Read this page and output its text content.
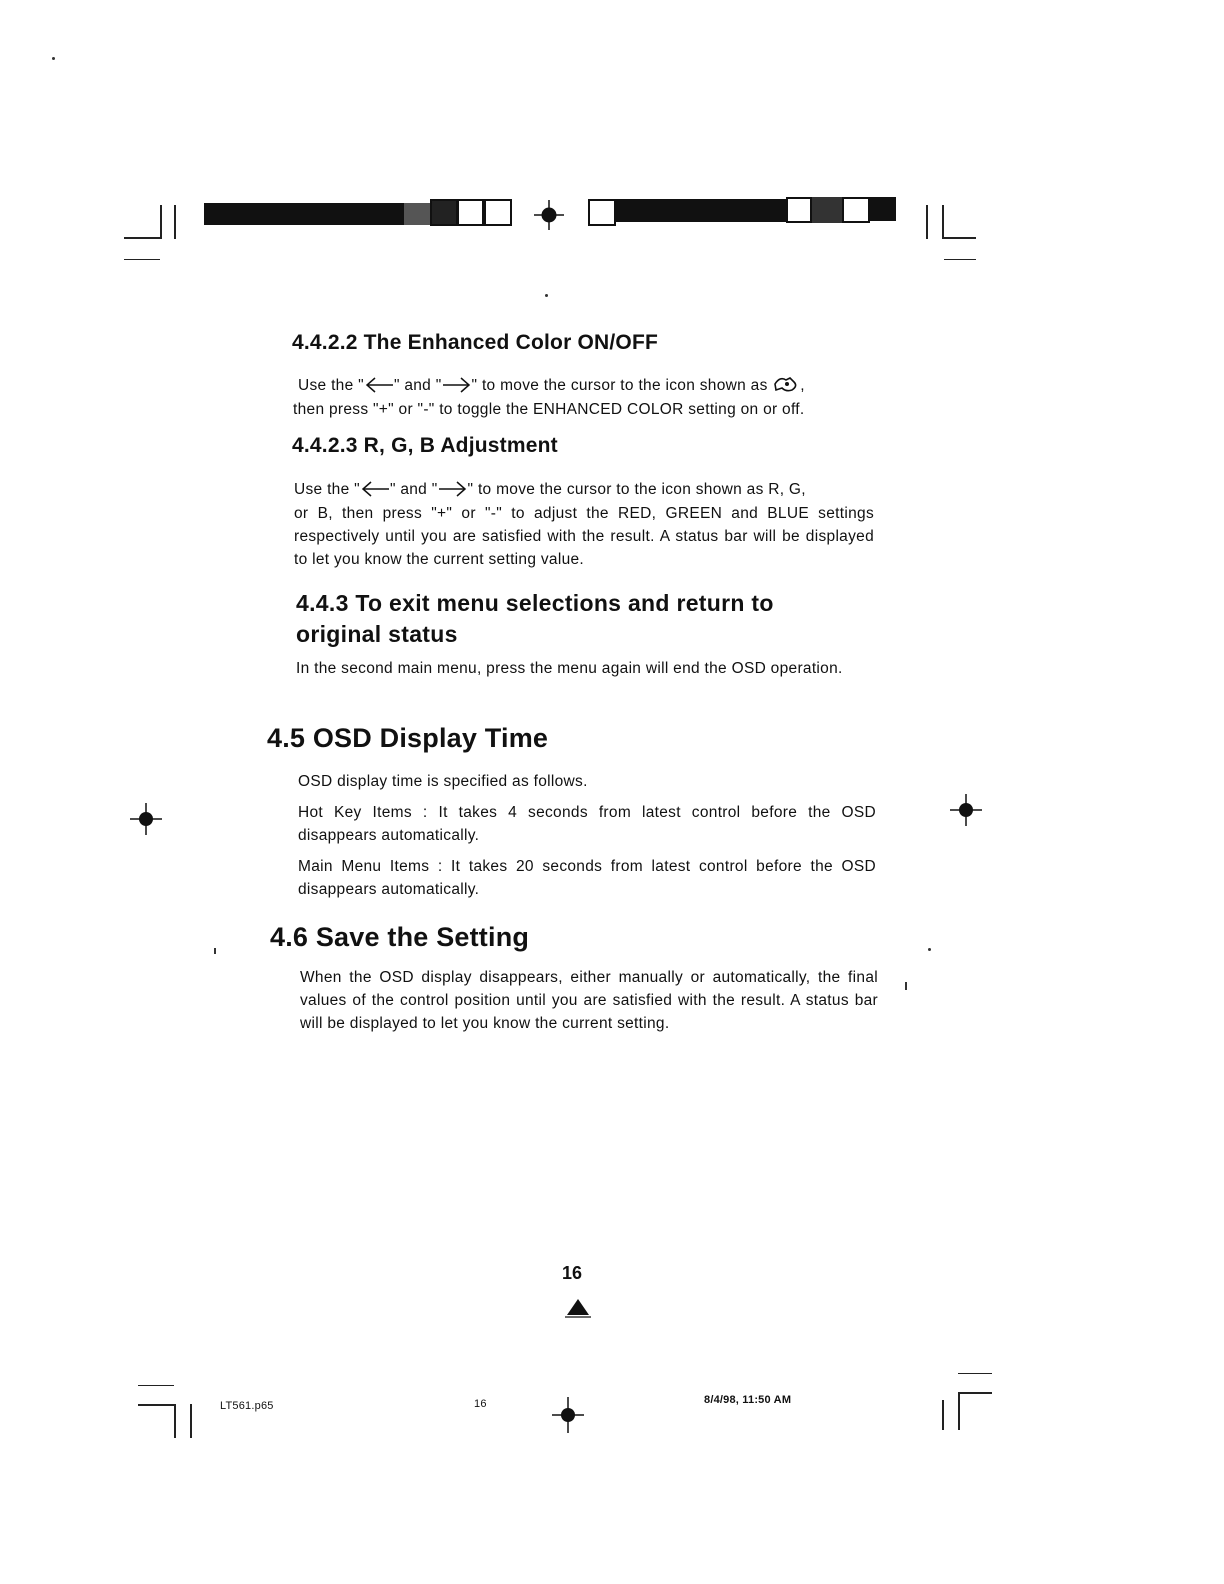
4.4.2.2 The Enhanced Color ON/OFF
Use the " " and " " to move the cursor to the icon shown as ,
then press "+" or "-" to toggle the ENHANCED COLOR setting on or off.
4.4.2.3 R, G, B Adjustment
Use the " " and " " to move the cursor to the icon shown as R, G,
or B, then press "+" or "-" to adjust the RED, GREEN and BLUE settings respectively until you are satisfied with the result. A status bar will be displayed to let you know the current setting value.
4.4.3 To exit menu selections and return to
original status
In the second main menu, press the menu again will end the OSD operation.
4.5 OSD Display Time
OSD display time is specified as follows.
Hot Key Items : It takes 4 seconds from latest control before the OSD disappears automatically.
Main Menu Items : It takes 20 seconds from latest control before the OSD disappears automatically.
4.6 Save the Setting
When the OSD display disappears, either manually or automatically, the final values of the control position until you are satisfied with the result. A status bar will be displayed to let you know the current setting.
16
LT561.p65	16	8/4/98, 11:50 AM
